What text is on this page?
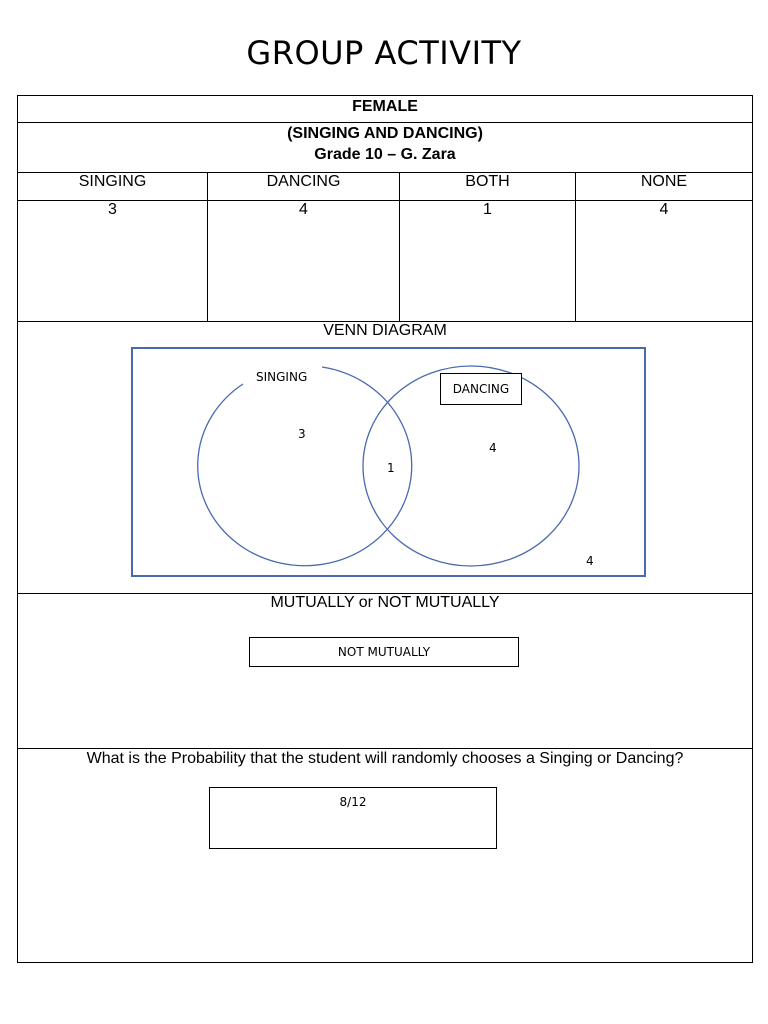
GROUP ACTIVITY
FEMALE
(SINGING AND DANCING)
Grade 10 – G. Zara
SINGING	DANCING	BOTH	NONE
3	4	1	4
VENN DIAGRAM
SINGING
DANCING
3
1
4
4
MUTUALLY or NOT MUTUALLY
NOT MUTUALLY
What is the Probability that the student will randomly chooses a Singing or Dancing?
8/12
